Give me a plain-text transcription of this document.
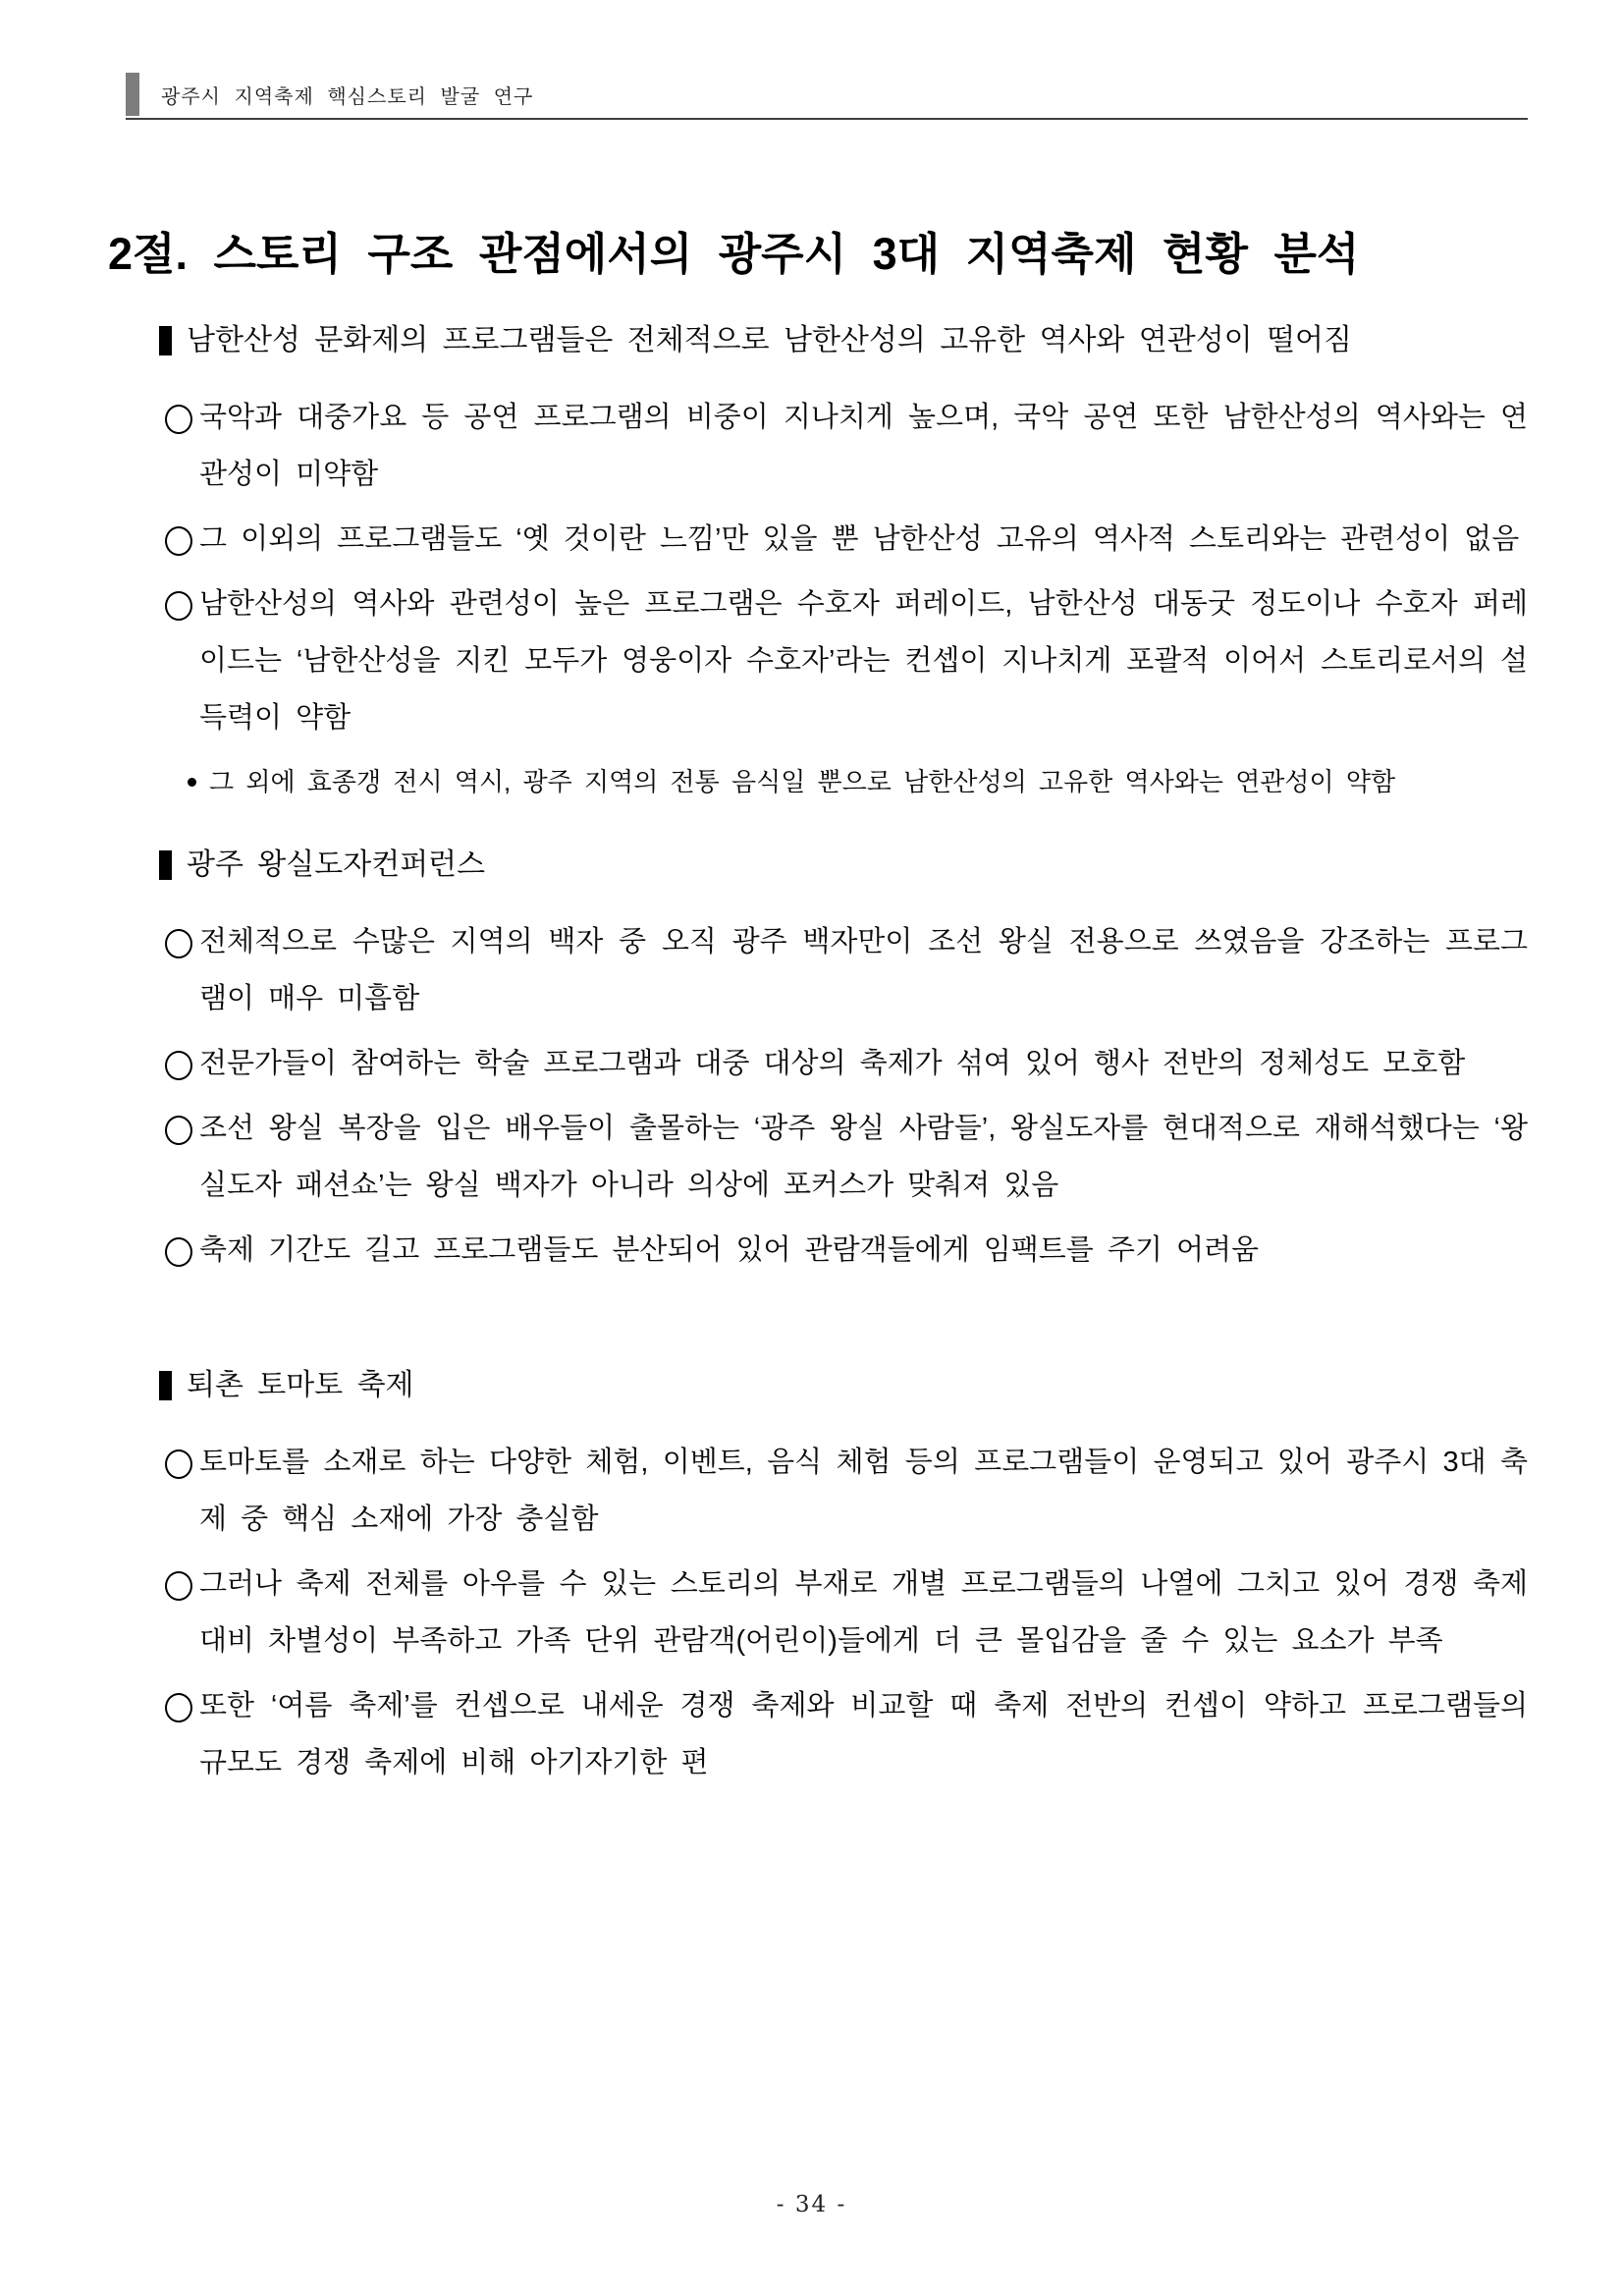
광주시 지역축제 핵심스토리 발굴 연구
2절. 스토리 구조 관점에서의 광주시 3대 지역축제 현황 분석
남한산성 문화제의 프로그램들은 전체적으로 남한산성의 고유한 역사와 연관성이 떨어짐
국악과 대중가요 등 공연 프로그램의 비중이 지나치게 높으며, 국악 공연 또한 남한산성의 역사와는 연관성이 미약함
그 이외의 프로그램들도 ‘옛 것이란 느낌’만 있을 뿐 남한산성 고유의 역사적 스토리와는 관련성이 없음
남한산성의 역사와 관련성이 높은 프로그램은 수호자 퍼레이드, 남한산성 대동굿 정도이나 수호자 퍼레이드는 ‘남한산성을 지킨 모두가 영웅이자 수호자’라는 컨셉이 지나치게 포괄적 이어서 스토리로서의 설득력이 약함
그 외에 효종갱 전시 역시, 광주 지역의 전통 음식일 뿐으로 남한산성의 고유한 역사와는 연관성이 약함
광주 왕실도자컨퍼런스
전체적으로 수많은 지역의 백자 중 오직 광주 백자만이 조선 왕실 전용으로 쓰였음을 강조하는 프로그램이 매우 미흡함
전문가들이 참여하는 학술 프로그램과 대중 대상의 축제가 섞여 있어 행사 전반의 정체성도 모호함
조선 왕실 복장을 입은 배우들이 출몰하는 ‘광주 왕실 사람들’, 왕실도자를 현대적으로 재해석했다는 ‘왕실도자 패션쇼’는 왕실 백자가 아니라 의상에 포커스가 맞춰져 있음
축제 기간도 길고 프로그램들도 분산되어 있어 관람객들에게 임팩트를 주기 어려움
퇴촌 토마토 축제
토마토를 소재로 하는 다양한 체험, 이벤트, 음식 체험 등의 프로그램들이 운영되고 있어 광주시 3대 축제 중 핵심 소재에 가장 충실함
그러나 축제 전체를 아우를 수 있는 스토리의 부재로 개별 프로그램들의 나열에 그치고 있어 경쟁 축제 대비 차별성이 부족하고 가족 단위 관람객(어린이)들에게 더 큰 몰입감을 줄 수 있는 요소가 부족
또한 ‘여름 축제’를 컨셉으로 내세운 경쟁 축제와 비교할 때 축제 전반의 컨셉이 약하고 프로그램들의 규모도 경쟁 축제에 비해 아기자기한 편
- 34 -
